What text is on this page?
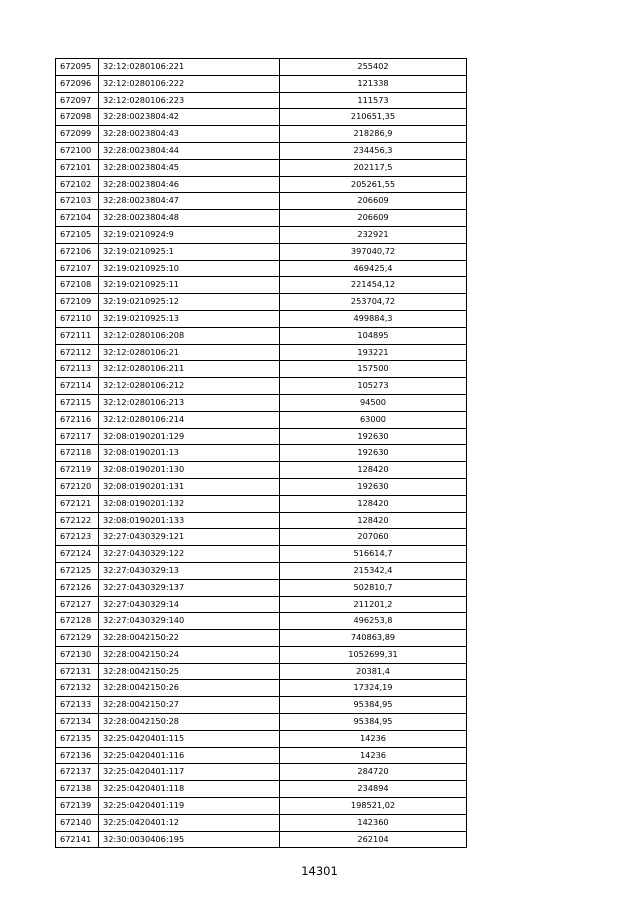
672095	32:12:0280106:221	255402
672096	32:12:0280106:222	121338
672097	32:12:0280106:223	111573
672098	32:28:0023804:42	210651,35
672099	32:28:0023804:43	218286,9
672100	32:28:0023804:44	234456,3
672101	32:28:0023804:45	202117,5
672102	32:28:0023804:46	205261,55
672103	32:28:0023804:47	206609
672104	32:28:0023804:48	206609
672105	32:19:0210924:9	232921
672106	32:19:0210925:1	397040,72
672107	32:19:0210925:10	469425,4
672108	32:19:0210925:11	221454,12
672109	32:19:0210925:12	253704,72
672110	32:19:0210925:13	499884,3
672111	32:12:0280106:208	104895
672112	32:12:0280106:21	193221
672113	32:12:0280106:211	157500
672114	32:12:0280106:212	105273
672115	32:12:0280106:213	94500
672116	32:12:0280106:214	63000
672117	32:08:0190201:129	192630
672118	32:08:0190201:13	192630
672119	32:08:0190201:130	128420
672120	32:08:0190201:131	192630
672121	32:08:0190201:132	128420
672122	32:08:0190201:133	128420
672123	32:27:0430329:121	207060
672124	32:27:0430329:122	516614,7
672125	32:27:0430329:13	215342,4
672126	32:27:0430329:137	502810,7
672127	32:27:0430329:14	211201,2
672128	32:27:0430329:140	496253,8
672129	32:28:0042150:22	740863,89
672130	32:28:0042150:24	1052699,31
672131	32:28:0042150:25	20381,4
672132	32:28:0042150:26	17324,19
672133	32:28:0042150:27	95384,95
672134	32:28:0042150:28	95384,95
672135	32:25:0420401:115	14236
672136	32:25:0420401:116	14236
672137	32:25:0420401:117	284720
672138	32:25:0420401:118	234894
672139	32:25:0420401:119	198521,02
672140	32:25:0420401:12	142360
672141	32:30:0030406:195	262104
14301
